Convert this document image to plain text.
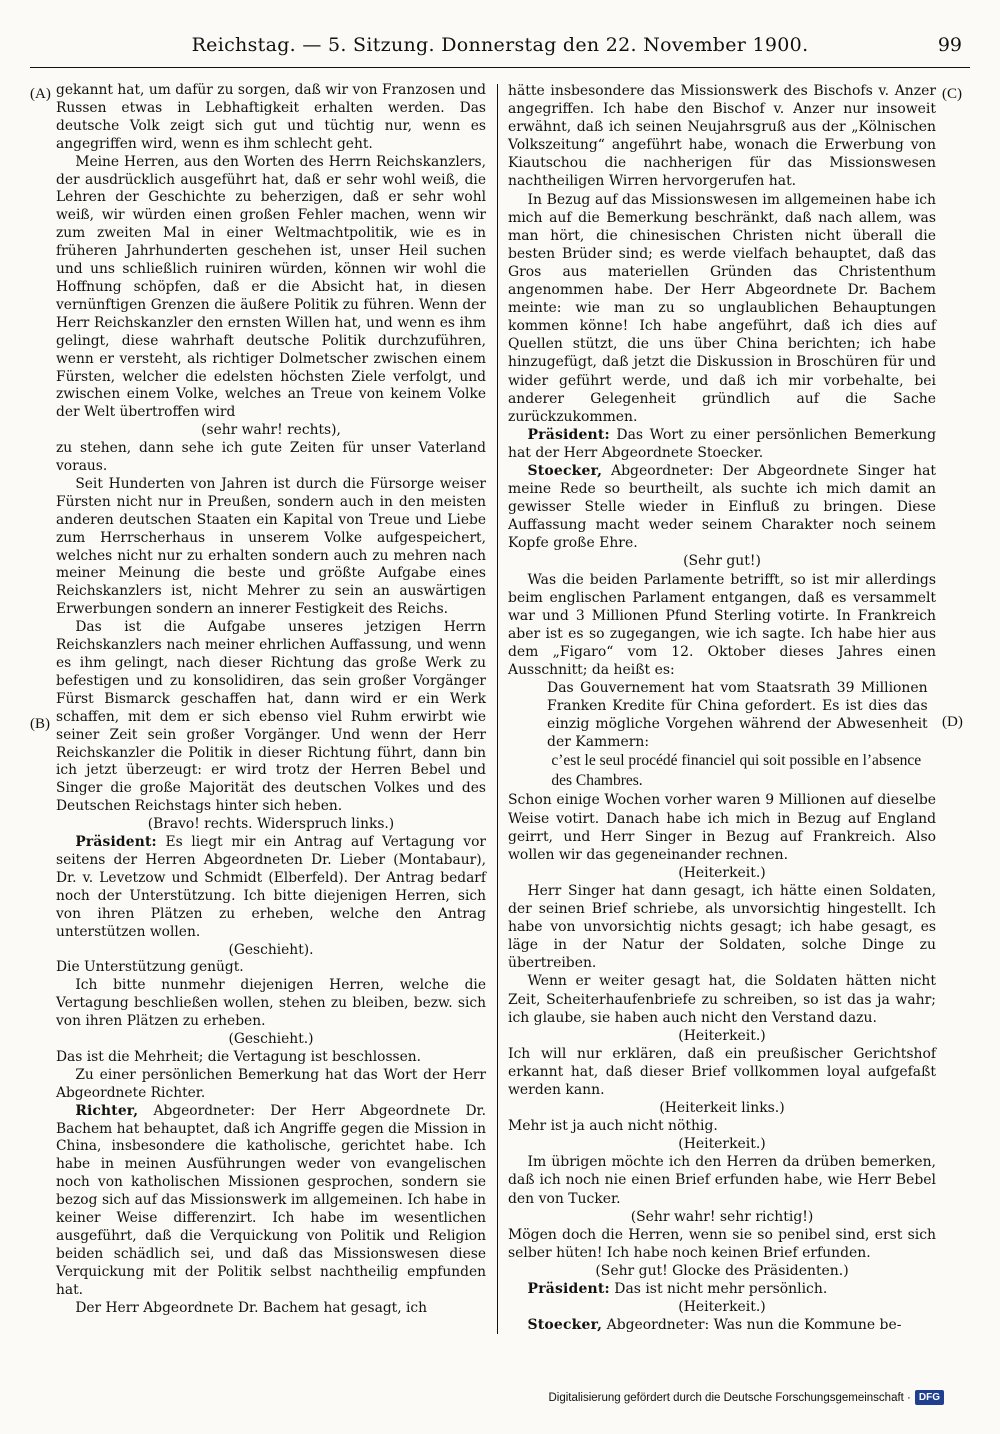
Reichstag. — 5. Sitzung. Donnerstag den 22. November 1900.	99
(A)
(B)
(C)
(D)

gekannt hat, um dafür zu sorgen, daß wir von Franzosen und Russen etwas in Lebhaftigkeit erhalten werden. Das deutsche Volk zeigt sich gut und tüchtig nur, wenn es angegriffen wird, wenn es ihm schlecht geht.

Meine Herren, aus den Worten des Herrn Reichskanzlers, der ausdrücklich ausgeführt hat, daß er sehr wohl weiß, die Lehren der Geschichte zu beherzigen, daß er sehr wohl weiß, wir würden einen großen Fehler machen, wenn wir zum zweiten Mal in einer Weltmachtpolitik, wie es in früheren Jahrhunderten geschehen ist, unser Heil suchen und uns schließlich ruiniren würden, können wir wohl die Hoffnung schöpfen, daß er die Absicht hat, in diesen vernünftigen Grenzen die äußere Politik zu führen. Wenn der Herr Reichskanzler den ernsten Willen hat, und wenn es ihm gelingt, diese wahrhaft deutsche Politik durchzuführen, wenn er versteht, als richtiger Dolmetscher zwischen einem Fürsten, welcher die edelsten höchsten Ziele verfolgt, und zwischen einem Volke, welches an Treue von keinem Volke der Welt übertroffen wird

(sehr wahr! rechts),

zu stehen, dann sehe ich gute Zeiten für unser Vaterland voraus.

Seit Hunderten von Jahren ist durch die Fürsorge weiser Fürsten nicht nur in Preußen, sondern auch in den meisten anderen deutschen Staaten ein Kapital von Treue und Liebe zum Herrscherhaus in unserem Volke aufgespeichert, welches nicht nur zu erhalten sondern auch zu mehren nach meiner Meinung die beste und größte Aufgabe eines Reichskanzlers ist, nicht Mehrer zu sein an auswärtigen Erwerbungen sondern an innerer Festigkeit des Reichs.

Das ist die Aufgabe unseres jetzigen Herrn Reichskanzlers nach meiner ehrlichen Auffassung, und wenn es ihm gelingt, nach dieser Richtung das große Werk zu befestigen und zu konsolidiren, das sein großer Vorgänger Fürst Bismarck geschaffen hat, dann wird er ein Werk schaffen, mit dem er sich ebenso viel Ruhm erwirbt wie seiner Zeit sein großer Vorgänger. Und wenn der Herr Reichskanzler die Politik in dieser Richtung führt, dann bin ich jetzt überzeugt: er wird trotz der Herren Bebel und Singer die große Majorität des deutschen Volkes und des Deutschen Reichstags hinter sich heben.

(Bravo! rechts. Widerspruch links.)

Präsident: Es liegt mir ein Antrag auf Vertagung vor seitens der Herren Abgeordneten Dr. Lieber (Montabaur), Dr. v. Levetzow und Schmidt (Elberfeld). Der Antrag bedarf noch der Unterstützung. Ich bitte diejenigen Herren, sich von ihren Plätzen zu erheben, welche den Antrag unterstützen wollen.

(Geschieht).

Die Unterstützung genügt.

Ich bitte nunmehr diejenigen Herren, welche die Vertagung beschließen wollen, stehen zu bleiben, bezw. sich von ihren Plätzen zu erheben.

(Geschieht.)

Das ist die Mehrheit; die Vertagung ist beschlossen.

Zu einer persönlichen Bemerkung hat das Wort der Herr Abgeordnete Richter.

Richter, Abgeordneter: Der Herr Abgeordnete Dr. Bachem hat behauptet, daß ich Angriffe gegen die Mission in China, insbesondere die katholische, gerichtet habe. Ich habe in meinen Ausführungen weder von evangelischen noch von katholischen Missionen gesprochen, sondern sie bezog sich auf das Missionswerk im allgemeinen. Ich habe in keiner Weise differenzirt. Ich habe im wesentlichen ausgeführt, daß die Verquickung von Politik und Religion beiden schädlich sei, und daß das Missionswesen diese Verquickung mit der Politik selbst nachtheilig empfunden hat.

Der Herr Abgeordnete Dr. Bachem hat gesagt, ich

hätte insbesondere das Missionswerk des Bischofs v. Anzer angegriffen. Ich habe den Bischof v. Anzer nur insoweit erwähnt, daß ich seinen Neujahrsgruß aus der „Kölnischen Volkszeitung“ angeführt habe, wonach die Erwerbung von Kiautschou die nachherigen für das Missionswesen nachtheiligen Wirren hervorgerufen hat.

In Bezug auf das Missionswesen im allgemeinen habe ich mich auf die Bemerkung beschränkt, daß nach allem, was man hört, die chinesischen Christen nicht überall die besten Brüder sind; es werde vielfach behauptet, daß das Gros aus materiellen Gründen das Christenthum angenommen habe. Der Herr Abgeordnete Dr. Bachem meinte: wie man zu so unglaublichen Behauptungen kommen könne! Ich habe angeführt, daß ich dies auf Quellen stützt, die uns über China berichten; ich habe hinzugefügt, daß jetzt die Diskussion in Broschüren für und wider geführt werde, und daß ich mir vorbehalte, bei anderer Gelegenheit gründlich auf die Sache zurückzukommen.

Präsident: Das Wort zu einer persönlichen Bemerkung hat der Herr Abgeordnete Stoecker.

Stoecker, Abgeordneter: Der Abgeordnete Singer hat meine Rede so beurtheilt, als suchte ich mich damit an gewisser Stelle wieder in Einfluß zu bringen. Diese Auffassung macht weder seinem Charakter noch seinem Kopfe große Ehre.

(Sehr gut!)

Was die beiden Parlamente betrifft, so ist mir allerdings beim englischen Parlament entgangen, daß es versammelt war und 3 Millionen Pfund Sterling votirte. In Frankreich aber ist es so zugegangen, wie ich sagte. Ich habe hier aus dem „Figaro“ vom 12. Oktober dieses Jahres einen Ausschnitt; da heißt es:

Das Gouvernement hat vom Staatsrath 39 Millionen Franken Kredite für China gefordert. Es ist dies das einzig mögliche Vorgehen während der Abwesenheit der Kammern:

c’est le seul procédé financiel qui soit possible en l’absence des Chambres.

Schon einige Wochen vorher waren 9 Millionen auf dieselbe Weise votirt. Danach habe ich mich in Bezug auf England geirrt, und Herr Singer in Bezug auf Frankreich. Also wollen wir das gegeneinander rechnen.

(Heiterkeit.)

Herr Singer hat dann gesagt, ich hätte einen Soldaten, der seinen Brief schriebe, als unvorsichtig hingestellt. Ich habe von unvorsichtig nichts gesagt; ich habe gesagt, es läge in der Natur der Soldaten, solche Dinge zu übertreiben.

Wenn er weiter gesagt hat, die Soldaten hätten nicht Zeit, Scheiterhaufenbriefe zu schreiben, so ist das ja wahr; ich glaube, sie haben auch nicht den Verstand dazu.

(Heiterkeit.)

Ich will nur erklären, daß ein preußischer Gerichtshof erkannt hat, daß dieser Brief vollkommen loyal aufgefaßt werden kann.

(Heiterkeit links.)

Mehr ist ja auch nicht nöthig.

(Heiterkeit.)

Im übrigen möchte ich den Herren da drüben bemerken, daß ich noch nie einen Brief erfunden habe, wie Herr Bebel den von Tucker.

(Sehr wahr! sehr richtig!)

Mögen doch die Herren, wenn sie so penibel sind, erst sich selber hüten! Ich habe noch keinen Brief erfunden.

(Sehr gut! Glocke des Präsidenten.)

Präsident: Das ist nicht mehr persönlich.

(Heiterkeit.)

Stoecker, Abgeordneter: Was nun die Kommune be-

Digitalisierung gefördert durch die Deutsche Forschungsgemeinschaft · DFG
